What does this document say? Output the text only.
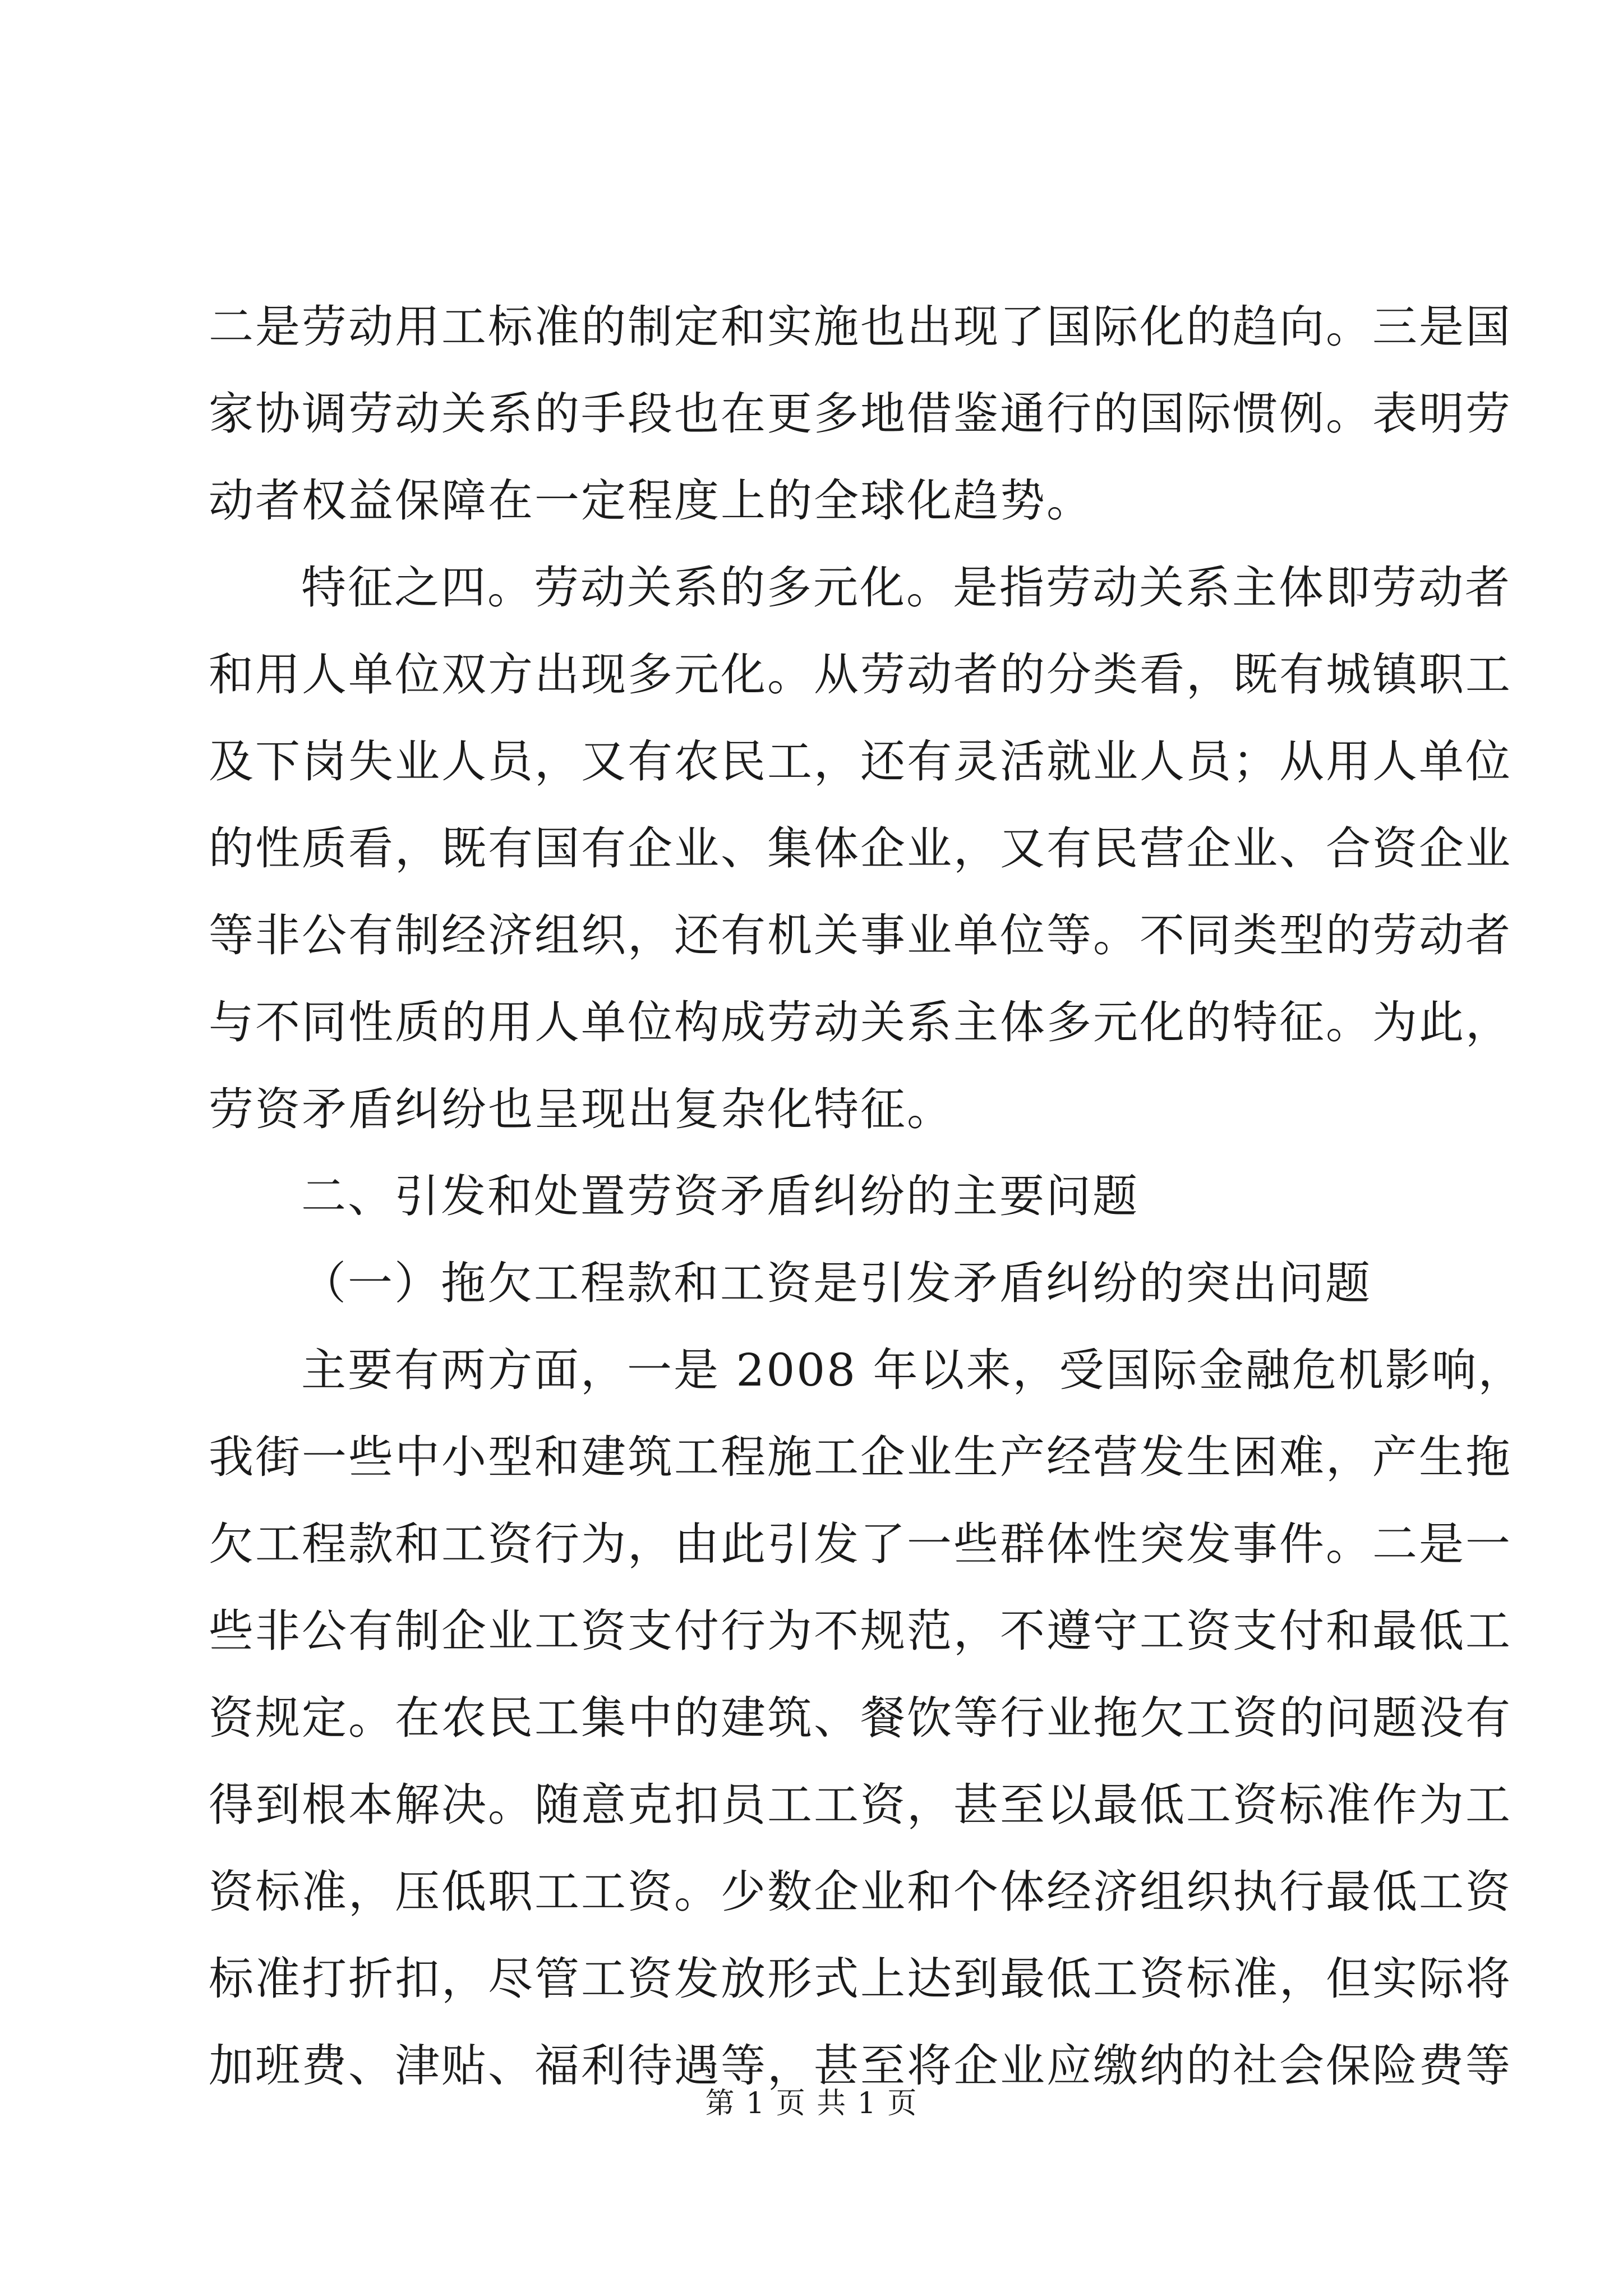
二是劳动用工标准的制定和实施也出现了国际化的趋向。三是国
家协调劳动关系的手段也在更多地借鉴通行的国际惯例。表明劳
动者权益保障在一定程度上的全球化趋势。
特征之四。劳动关系的多元化。是指劳动关系主体即劳动者
和用人单位双方出现多元化。从劳动者的分类看，既有城镇职工
及下岗失业人员，又有农民工，还有灵活就业人员；从用人单位
的性质看，既有国有企业、集体企业，又有民营企业、合资企业
等非公有制经济组织，还有机关事业单位等。不同类型的劳动者
与不同性质的用人单位构成劳动关系主体多元化的特征。为此，
劳资矛盾纠纷也呈现出复杂化特征。
二、引发和处置劳资矛盾纠纷的主要问题
（一）拖欠工程款和工资是引发矛盾纠纷的突出问题
主要有两方面，一是 2008 年以来，受国际金融危机影响，
我街一些中小型和建筑工程施工企业生产经营发生困难，产生拖
欠工程款和工资行为，由此引发了一些群体性突发事件。二是一
些非公有制企业工资支付行为不规范，不遵守工资支付和最低工
资规定。在农民工集中的建筑、餐饮等行业拖欠工资的问题没有
得到根本解决。随意克扣员工工资，甚至以最低工资标准作为工
资标准，压低职工工资。少数企业和个体经济组织执行最低工资
标准打折扣，尽管工资发放形式上达到最低工资标准，但实际将
加班费、津贴、福利待遇等，甚至将企业应缴纳的社会保险费等
第 1 页 共 1 页
